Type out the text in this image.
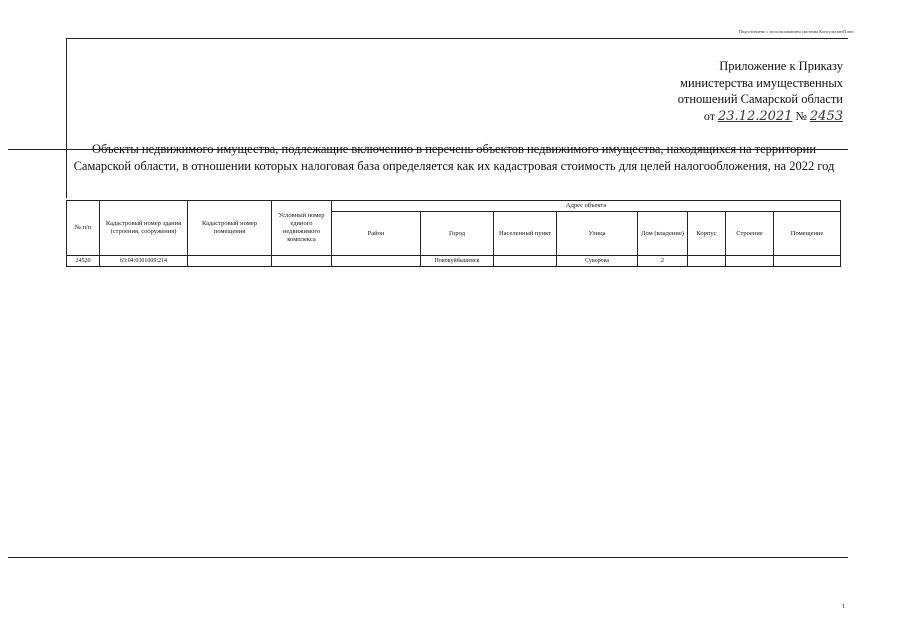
Подготовлено с использованием системы КонсультантПлюс
Приложение к Приказу
министерства имущественных
отношений Самарской области
от 23.12.2021 № 2453
Объекты недвижимого имущества, подлежащие включению в перечень объектов недвижимого имущества, находящихся на территории Самарской области, в отношении которых налоговая база определяется как их кадастровая стоимость для целей налогообложения, на 2022 год
№ п/п	Кадастровый номер здания (строения, сооружения)	Кадастровый номер помещения	Условный номер единого недвижимого комплекса	Адрес объекта							
				Район	Город	Населенный пункт	Улица	Дом (владение)	Корпус	Строение	Помещение
24520	63:04:0301009:214				Новокуйбышевск		Суворова	2			
1
